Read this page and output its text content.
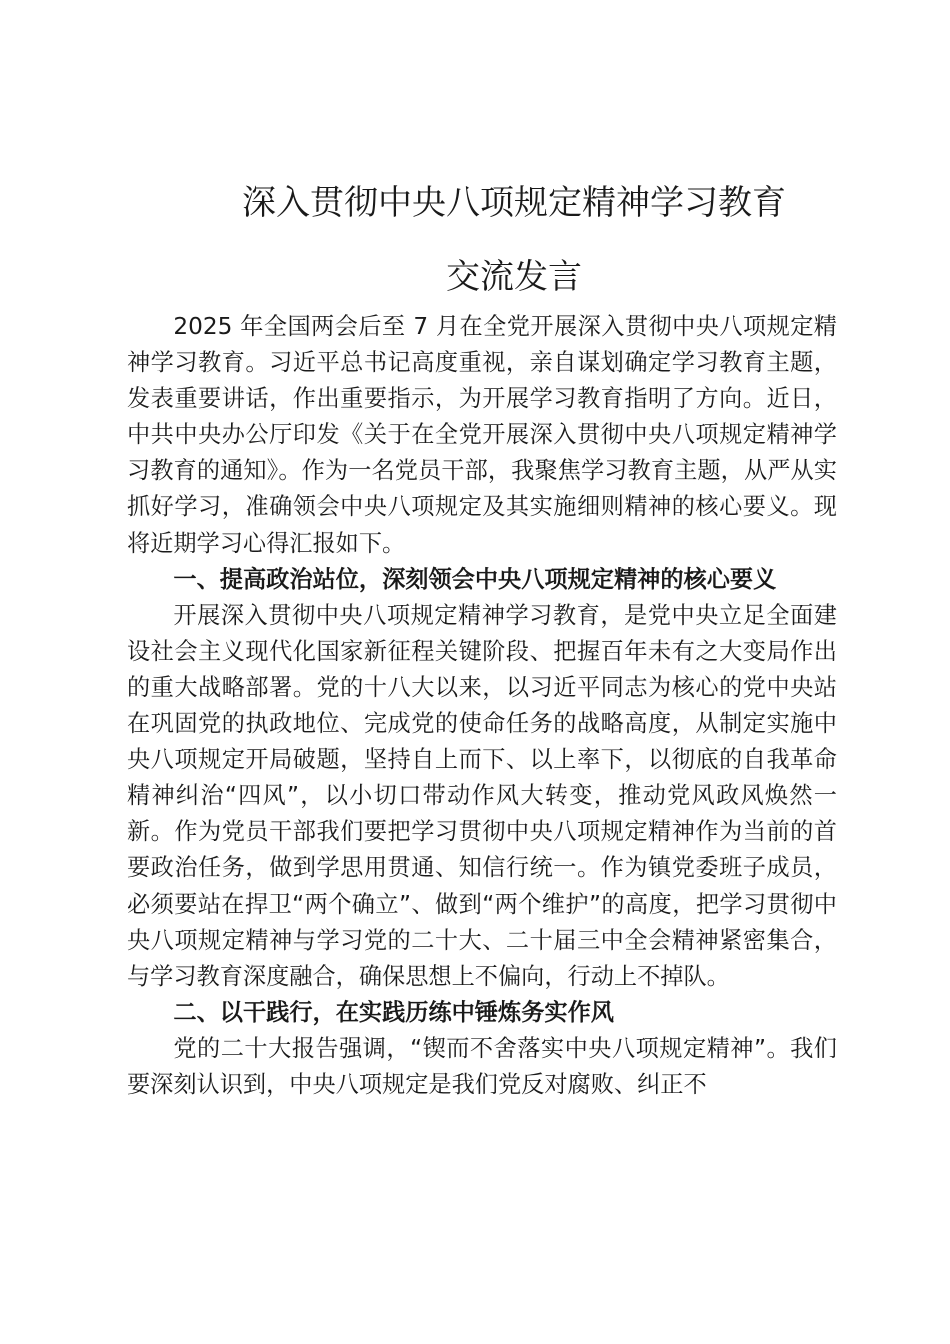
深入贯彻中央八项规定精神学习教育
交流发言

2025 年全国两会后至 7 月在全党开展深入贯彻中央八项规定精神学习教育。习近平总书记高度重视，亲自谋划确定学习教育主题，发表重要讲话，作出重要指示，为开展学习教育指明了方向。近日，中共中央办公厅印发《关于在全党开展深入贯彻中央八项规定精神学习教育的通知》。作为一名党员干部，我聚焦学习教育主题，从严从实抓好学习，准确领会中央八项规定及其实施细则精神的核心要义。现将近期学习心得汇报如下。

一、提高政治站位，深刻领会中央八项规定精神的核心要义

开展深入贯彻中央八项规定精神学习教育，是党中央立足全面建设社会主义现代化国家新征程关键阶段、把握百年未有之大变局作出的重大战略部署。党的十八大以来，以习近平同志为核心的党中央站在巩固党的执政地位、完成党的使命任务的战略高度，从制定实施中央八项规定开局破题，坚持自上而下、以上率下，以彻底的自我革命精神纠治“四风”，以小切口带动作风大转变，推动党风政风焕然一新。作为党员干部我们要把学习贯彻中央八项规定精神作为当前的首要政治任务，做到学思用贯通、知信行统一。作为镇党委班子成员，必须要站在捍卫“两个确立”、做到“两个维护”的高度，把学习贯彻中央八项规定精神与学习党的二十大、二十届三中全会精神紧密集合，与学习教育深度融合，确保思想上不偏向，行动上不掉队。

二、以干践行，在实践历练中锤炼务实作风

党的二十大报告强调，“锲而不舍落实中央八项规定精神”。我们要深刻认识到，中央八项规定是我们党反对腐败、纠正不
